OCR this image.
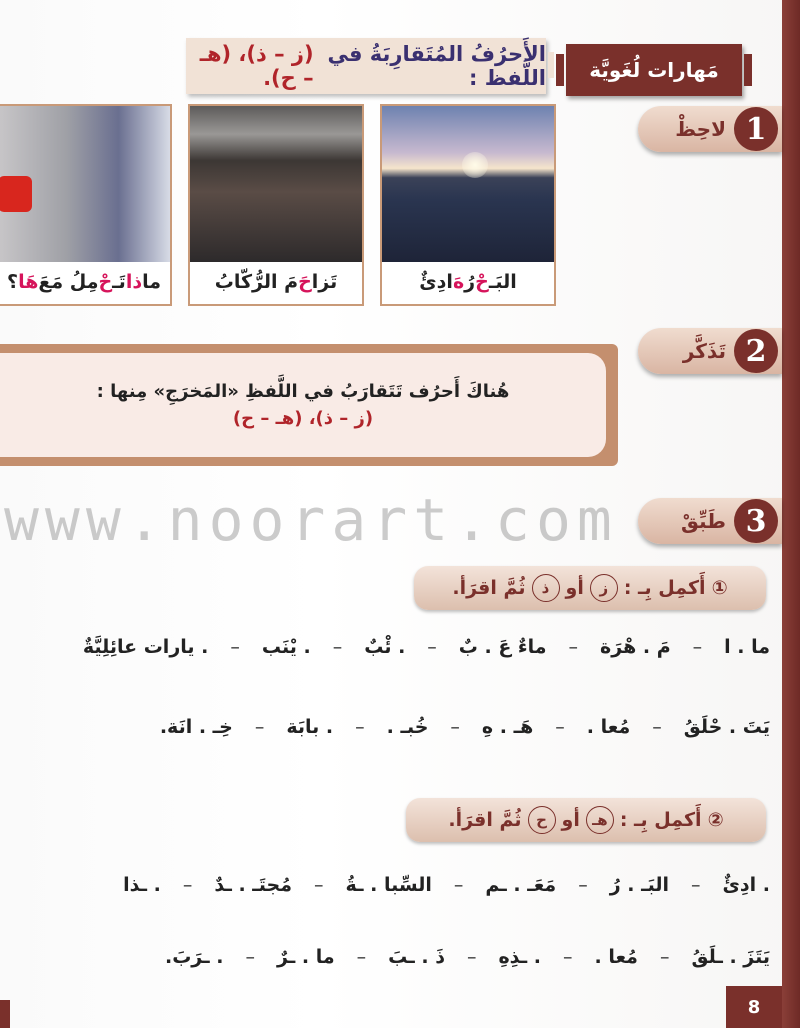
مَهارات لُغَويَّة
الأَحرُفُ المُتَقارِبَةُ في اللَّفظ :

(ز – ذ)، (هـ – ح).
1
لاحِظْ
البَـ
حْ
رُ
هَ
ادِئٌ
تَزا
حَ
مَ الرُّكّابُ
ما
ذا
تَـ
حْ
مِلُ مَعَ
هَا
؟
2
تَذَكَّر
هُناكَ أَحرُف تَتَقارَبُ في اللَّفظِ «المَخرَجِ» مِنها :
(ز – ذ)، (هـ – ح)
3
طَبِّقْ
www.noorart.com
①
أَكمِل بِـ :
ز
أو
ذ
ثُمَّ اقرَأ.
ما . ا
–
مَ . هْرَة
–
ماءٌ عَ . بٌ
–
. ئْبٌ
–
. يْنَب
–
. يارات عائِلِيَّةٌ
يَتَ . حْلَقُ
–
مُعا .
–
هَـ . هِ
–
خُبـ .
–
. بابَة
–
خِـ . انَة.
②
أَكمِل بِـ :
هـ
أو
ح
ثُمَّ اقرَأ.
. ادِئٌ
–
البَـ . رُ
–
مَعَـ . ـم
–
السِّبا . ـةُ
–
مُجتَـ . ـدٌ
–
. ـذا
يَتَزَ . ـلَقُ
–
مُعا .
–
. ـذِهِ
–
ذَ . ـبَ
–
ما . ـرٌ
–
. ـرَبَ.
8
